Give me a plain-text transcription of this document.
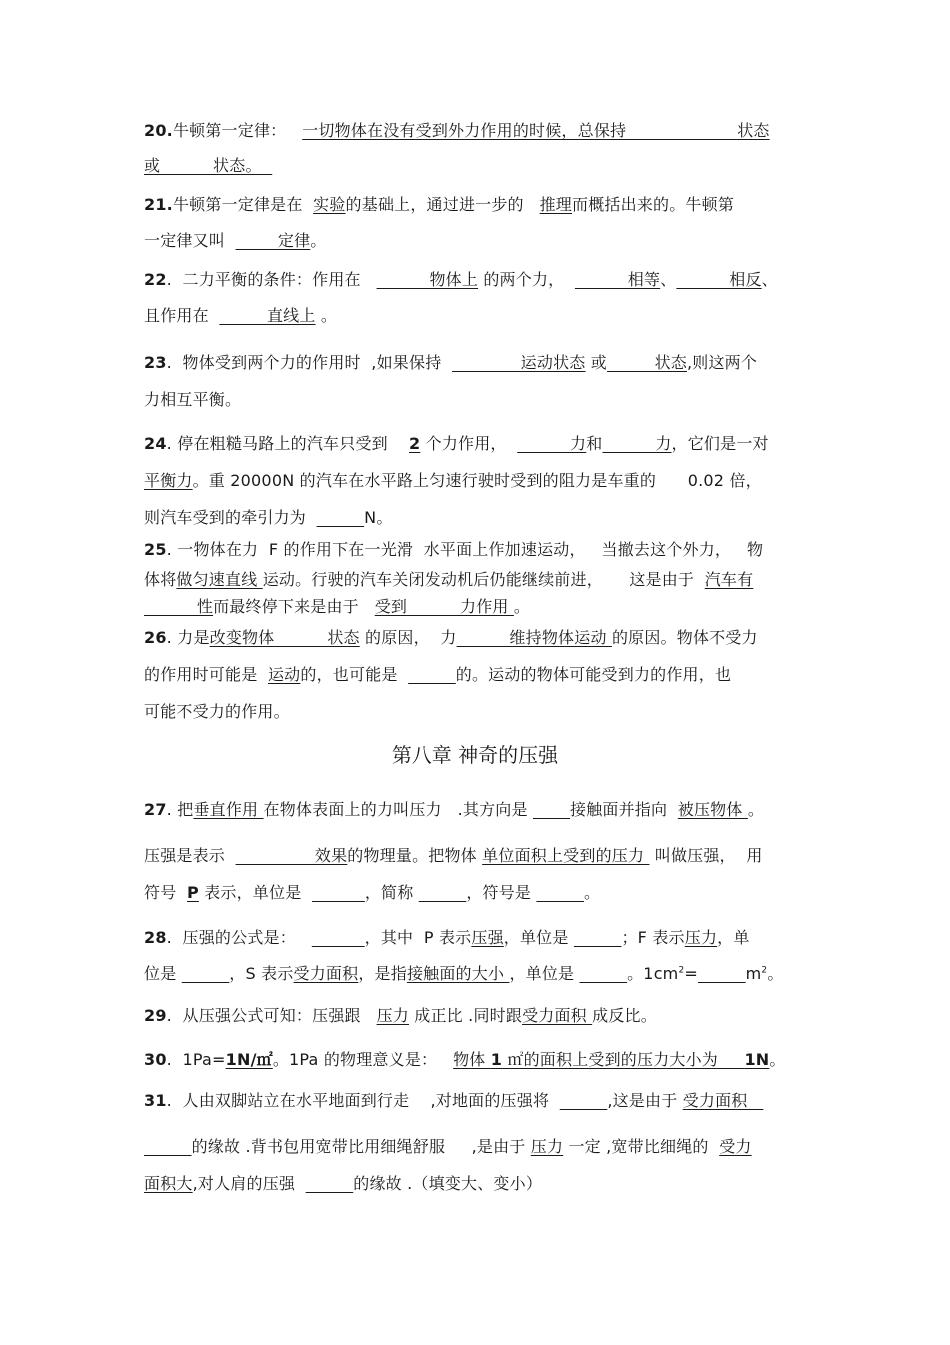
20.牛顿第一定律：   一切物体在没有受到外力作用的时候，总保持                     状态
或          状态。
21.牛顿第一定律是在  实验的基础上，通过进一步的   推理而概括出来的。牛顿第
一定律又叫          定律。
22.  二力平衡的条件：作用在             物体上 的两个力，            相等、          相反、
且作用在           直线上 。
23.  物体受到两个力的作用时  ,如果保持               运动状态 或         状态,则这两个
力相互平衡。
24. 停在粗糙马路上的汽车只受到    2 个力作用，            力和          力，它们是一对
平衡力。重 20000N 的汽车在水平路上匀速行驶时受到的阻力是车重的      0.02 倍，
则汽车受到的牵引力为	N。
25. 一物体在力  F 的作用下在一光滑  水平面上作加速运动，   当撤去这个外力，   物
体将做匀速直线 运动。行驶的汽车关闭发动机后仍能继续前进，     这是由于  汽车有
性而最终停下来是由于   受到          力作用 。
26. 力是改变物体          状态 的原因，  力          维持物体运动 的原因。物体不受力
的作用时可能是  运动的，也可能是	的。运动的物体可能受到力的作用，也
可能不受力的作用。
27. 把垂直作用 在物体表面上的力叫压力   .其方向是        接触面并指向  被压物体 。
压强是表示                 效果的物理量。把物体 单位面积上受到的压力  叫做压强，  用
符号  P 表示，单位是	，简称	，符号是	。
28.  压强的公式是：	，其中  P 表示压强，单位是	；F 表示压力，单
位是	，S 表示受力面积，是指接触面的大小 ，单位是	。$1cm^2=$	$m^2$。
29.  从压强公式可知：压强跟   压力 成正比 .同时跟受力面积 成反比。
30.  1Pa=1N/㎡。1Pa 的物理意义是：   物体 1 ㎡的面积上受到的压力大小为     1N。
31.  人由双脚站立在水平地面到行走    ,对地面的压强将	,这是由于 受力面积
的缘故 .背书包用宽带比用细绳舒服     ,是由于 压力 一定 ,宽带比细绳的  受力
面积大,对人肩的压强	的缘故 .（填变大、变小）
第八章 神奇的压强
